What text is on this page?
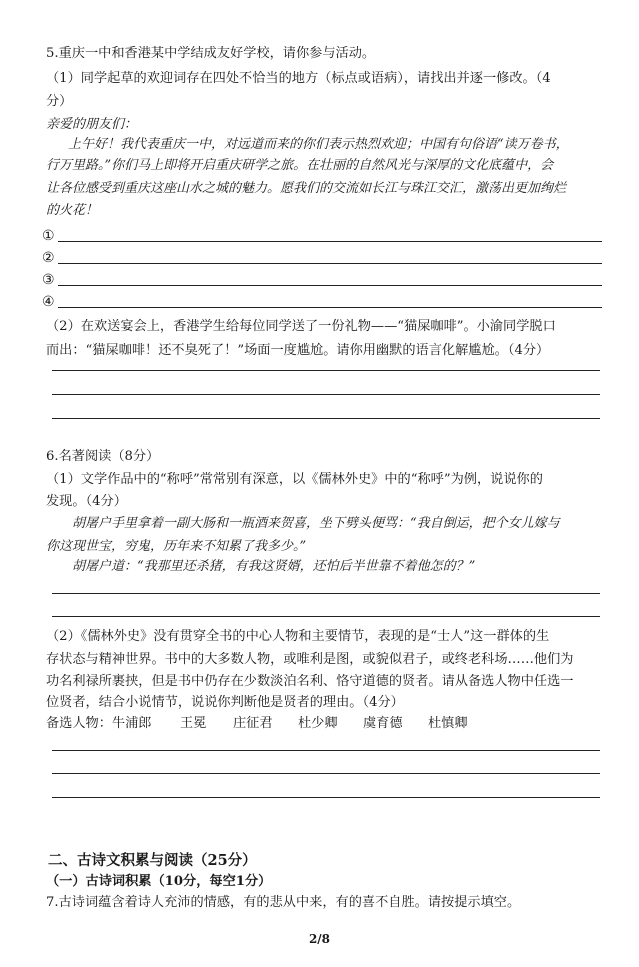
5.重庆一中和香港某中学结成友好学校，请你参与活动。
（1）同学起草的欢迎词存在四处不恰当的地方（标点或语病），请找出并逐一修改。（4
分）
亲爱的朋友们：
上午好！我代表重庆一中，对远道而来的你们表示热烈欢迎；中国有句俗语“读万卷书，
行万里路。”你们马上即将开启重庆研学之旅。在壮丽的自然风光与深厚的文化底蕴中，会
让各位感受到重庆这座山水之城的魅力。愿我们的交流如长江与珠江交汇，激荡出更加绚烂
的火花！
①
②
③
④
（2）在欢送宴会上，香港学生给每位同学送了一份礼物——“猫屎咖啡”。小渝同学脱口
而出：“猫屎咖啡！还不臭死了！”场面一度尴尬。请你用幽默的语言化解尴尬。（4分）
6.名著阅读（8分）
（1）文学作品中的“称呼”常常别有深意，以《儒林外史》中的“称呼”为例，说说你的
发现。（4分）
胡屠户手里拿着一副大肠和一瓶酒来贺喜，坐下劈头便骂：“我自倒运，把个女儿嫁与
你这现世宝，穷鬼，历年来不知累了我多少。”
胡屠户道：“我那里还杀猪，有我这贤婿，还怕后半世靠不着他怎的？”
（2）《儒林外史》没有贯穿全书的中心人物和主要情节，表现的是“士人”这一群体的生
存状态与精神世界。书中的大多数人物，或唯利是图，或貌似君子，或终老科场……他们为
功名利禄所裹挟，但是书中仍存在少数淡泊名利、恪守道德的贤者。请从备选人物中任选一
位贤者，结合小说情节，说说你判断他是贤者的理由。（4分）
备选人物：牛浦郎 王冕 庄征君 杜少卿 虞育德 杜慎卿
二、古诗文积累与阅读（25分）
（一）古诗词积累（10分，每空1分）
7.古诗词蕴含着诗人充沛的情感，有的悲从中来，有的喜不自胜。请按提示填空。
2/8
